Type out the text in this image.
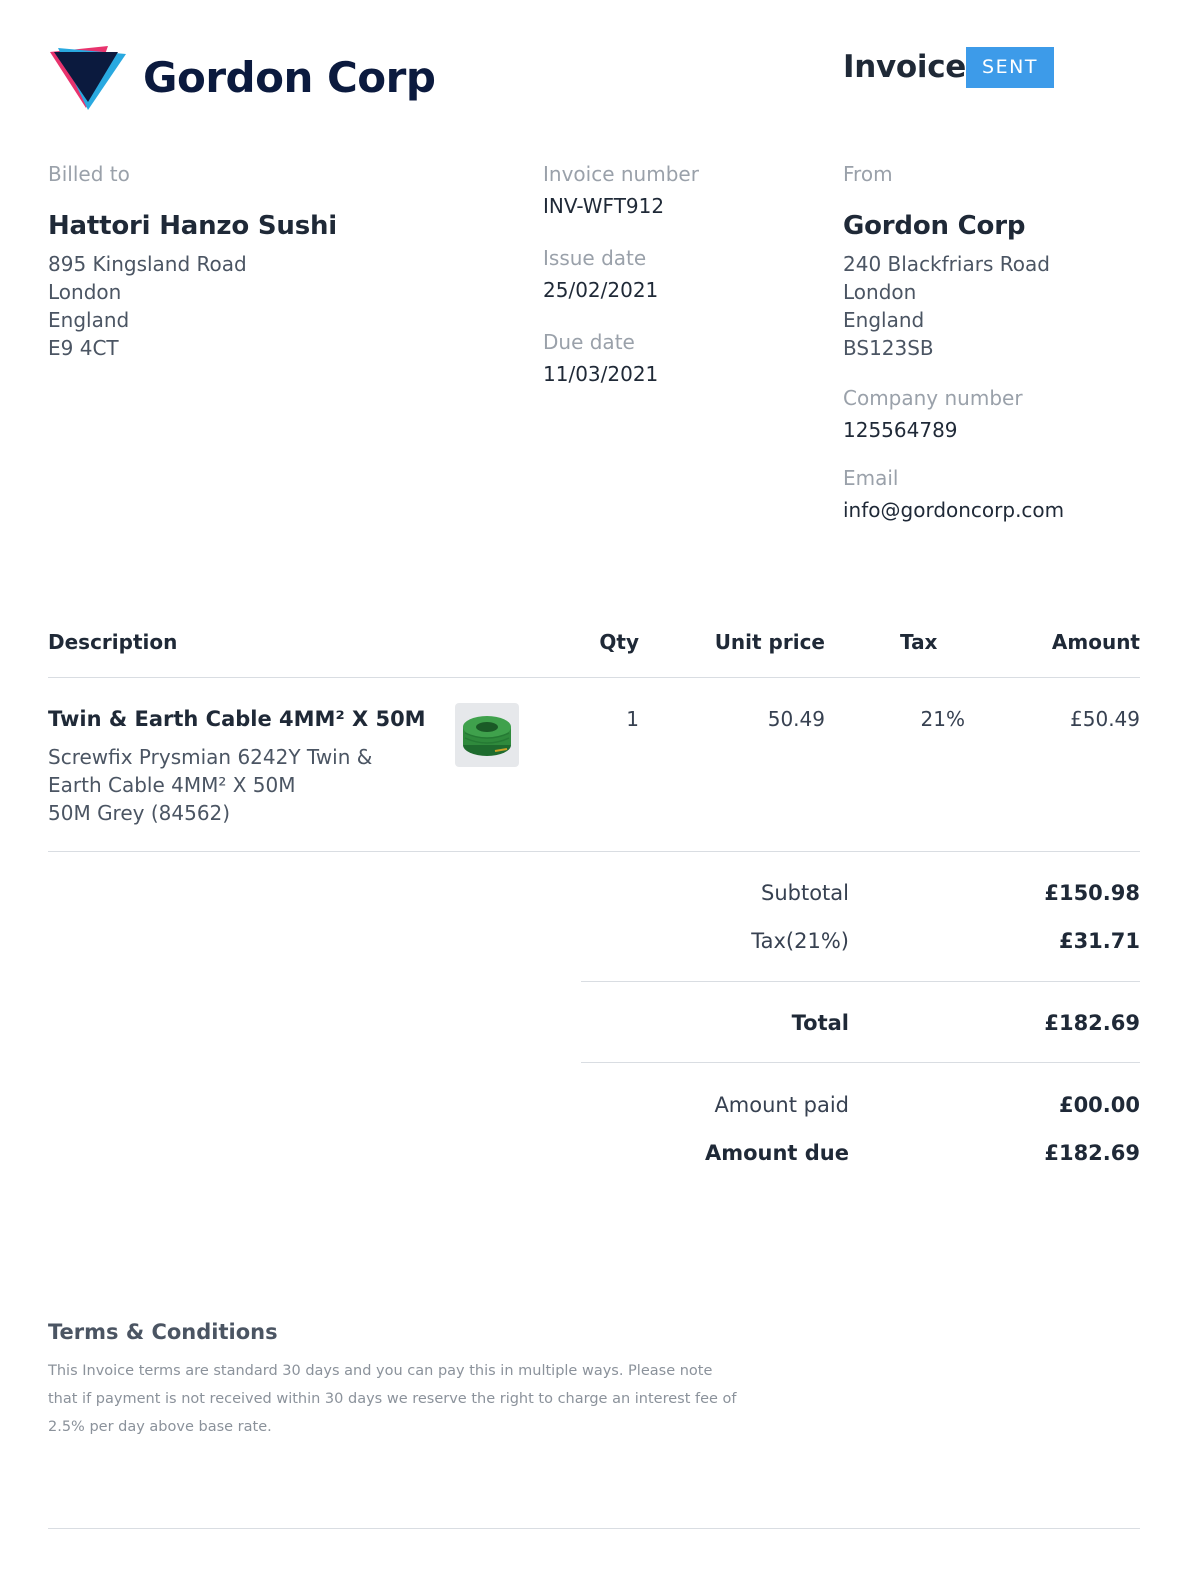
Gordon Corp	Invoice SENT
Billed to
Hattori Hanzo Sushi
895 Kingsland Road
London
England
E9 4CT
Invoice number
INV-WFT912
Issue date
25/02/2021
Due date
11/03/2021
From
Gordon Corp
240 Blackfriars Road
London
England
BS123SB
Company number
125564789
Email
info@gordoncorp.com
Description	Qty	Unit price	Tax	Amount
Twin & Earth Cable 4MM² X 50M
Screwfix Prysmian 6242Y Twin &
Earth Cable 4MM² X 50M
50M Grey (84562)
1	50.49	21%	£50.49
Subtotal	£150.98
Tax(21%)	£31.71
Total	£182.69
Amount paid	£00.00
Amount due	£182.69
Terms & Conditions
This Invoice terms are standard 30 days and you can pay this in multiple ways. Please note that if payment is not received within 30 days we reserve the right to charge an interest fee of 2.5% per day above base rate.
